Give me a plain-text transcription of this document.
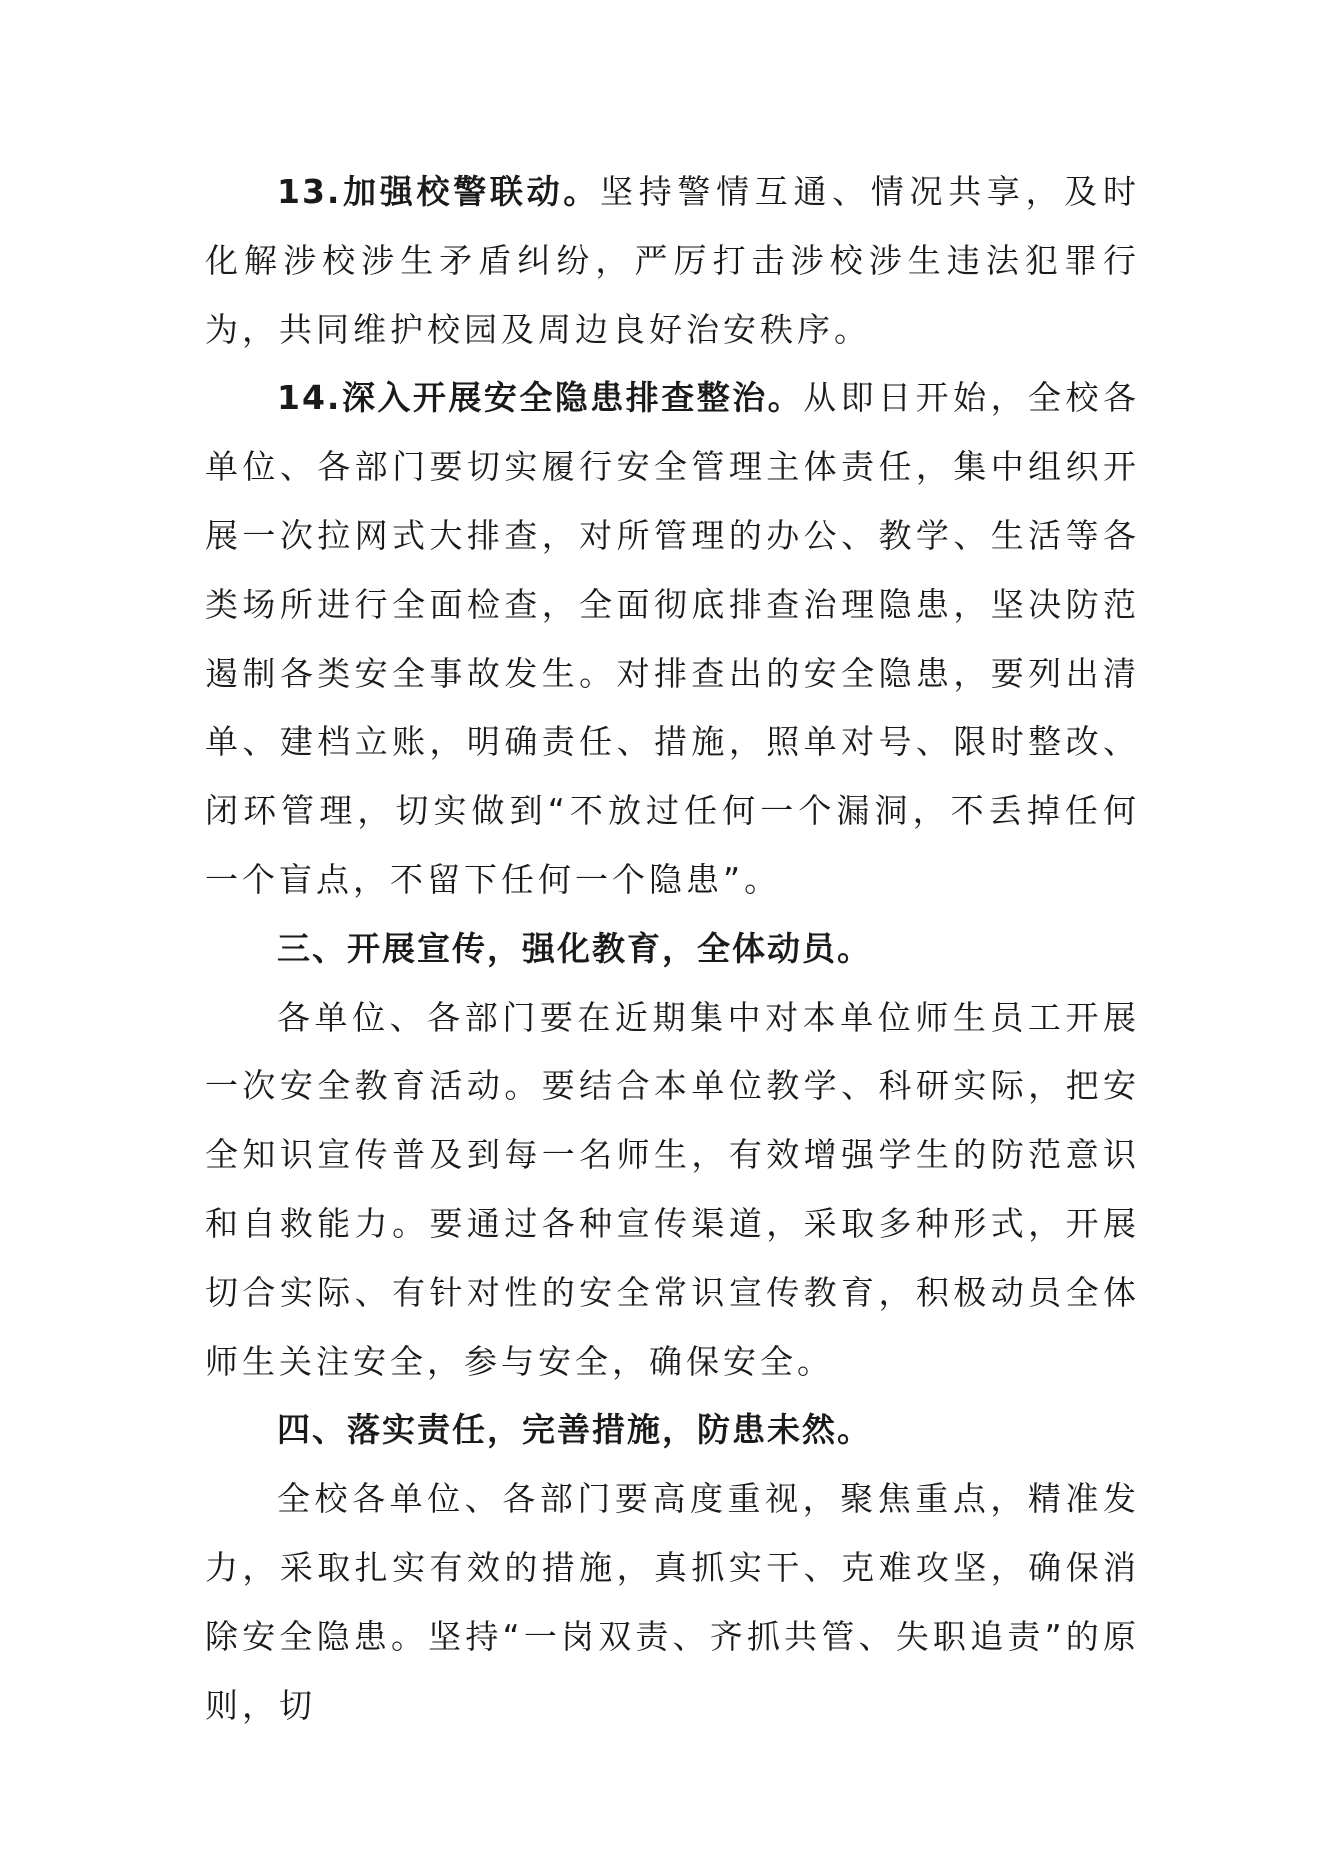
13.加强校警联动。坚持警情互通、情况共享，及时化解涉校涉生矛盾纠纷，严厉打击涉校涉生违法犯罪行为，共同维护校园及周边良好治安秩序。

14.深入开展安全隐患排查整治。从即日开始，全校各单位、各部门要切实履行安全管理主体责任，集中组织开展一次拉网式大排查，对所管理的办公、教学、生活等各类场所进行全面检查，全面彻底排查治理隐患，坚决防范遏制各类安全事故发生。对排查出的安全隐患，要列出清单、建档立账，明确责任、措施，照单对号、限时整改、闭环管理，切实做到“不放过任何一个漏洞，不丢掉任何一个盲点，不留下任何一个隐患”。

三、开展宣传，强化教育，全体动员。

各单位、各部门要在近期集中对本单位师生员工开展一次安全教育活动。要结合本单位教学、科研实际，把安全知识宣传普及到每一名师生，有效增强学生的防范意识和自救能力。要通过各种宣传渠道，采取多种形式，开展切合实际、有针对性的安全常识宣传教育，积极动员全体师生关注安全，参与安全，确保安全。

四、落实责任，完善措施，防患未然。

全校各单位、各部门要高度重视，聚焦重点，精准发力，采取扎实有效的措施，真抓实干、克难攻坚，确保消除安全隐患。坚持“一岗双责、齐抓共管、失职追责”的原则，切
